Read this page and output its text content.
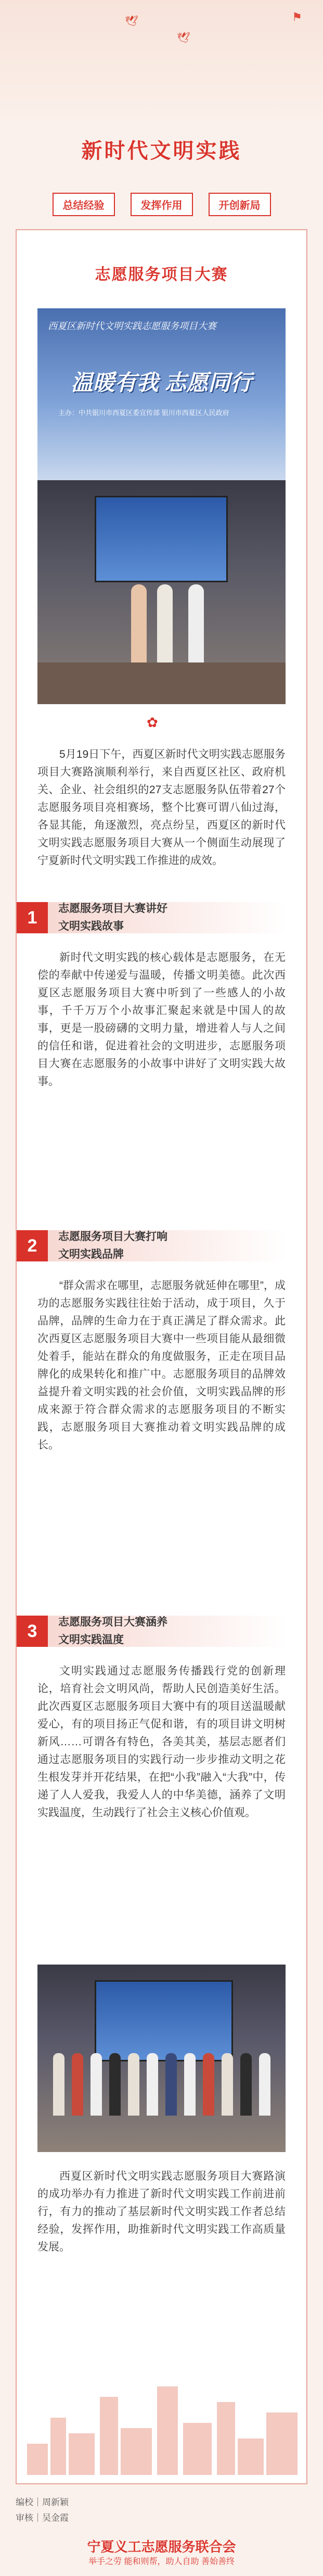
⚑
🕊
🕊
新时代文明实践
总结经验	发挥作用	开创新局
志愿服务项目大赛
西夏区新时代文明实践志愿服务项目大赛
温暖有我 志愿同行
主办：中共银川市西夏区委宣传部 银川市西夏区人民政府
✿

5月19日下午，西夏区新时代文明实践志愿服务项目大赛路演顺利举行，来自西夏区社区、政府机关、企业、社会组织的27支志愿服务队伍带着27个志愿服务项目亮相赛场，整个比赛可谓八仙过海，各显其能，角逐激烈，亮点纷呈，西夏区的新时代文明实践志愿服务项目大赛从一个侧面生动展现了宁夏新时代文明实践工作推进的成效。

1	志愿服务项目大赛讲好
文明实践故事

新时代文明实践的核心载体是志愿服务，在无偿的奉献中传递爱与温暖，传播文明美德。此次西夏区志愿服务项目大赛中听到了一些感人的小故事，千千万万个小故事汇聚起来就是中国人的故事，更是一股磅礴的文明力量，增进着人与人之间的信任和谐，促进着社会的文明进步，志愿服务项目大赛在志愿服务的小故事中讲好了文明实践大故事。

2	志愿服务项目大赛打响
文明实践品牌

“群众需求在哪里，志愿服务就延伸在哪里”，成功的志愿服务实践往往始于活动，成于项目，久于品牌，品牌的生命力在于真正满足了群众需求。此次西夏区志愿服务项目大赛中一些项目能从最细微处着手，能站在群众的角度做服务，正走在项目品牌化的成果转化和推广中。志愿服务项目的品牌效益提升着文明实践的社会价值，文明实践品牌的形成来源于符合群众需求的志愿服务项目的不断实践，志愿服务项目大赛推动着文明实践品牌的成长。

3	志愿服务项目大赛涵养
文明实践温度

文明实践通过志愿服务传播践行党的创新理论，培育社会文明风尚，帮助人民创造美好生活。此次西夏区志愿服务项目大赛中有的项目送温暖献爱心，有的项目扬正气促和谐，有的项目讲文明树新风……可谓各有特色，各美其美，基层志愿者们通过志愿服务项目的实践行动一步步推动文明之花生根发芽并开花结果，在把“小我”融入“大我”中，传递了人人爱我，我爱人人的中华美德，涵养了文明实践温度，生动践行了社会主义核心价值观。

西夏区新时代文明实践志愿服务项目大赛路演的成功举办有力推进了新时代文明实践工作前进前行，有力的推动了基层新时代文明实践工作者总结经验，发挥作用，助推新时代文明实践工作高质量发展。

编校｜周新颖
审核｜吴金霞
宁夏义工志愿服务联合会
举手之劳 能和则帮，助人自助 善始善终
